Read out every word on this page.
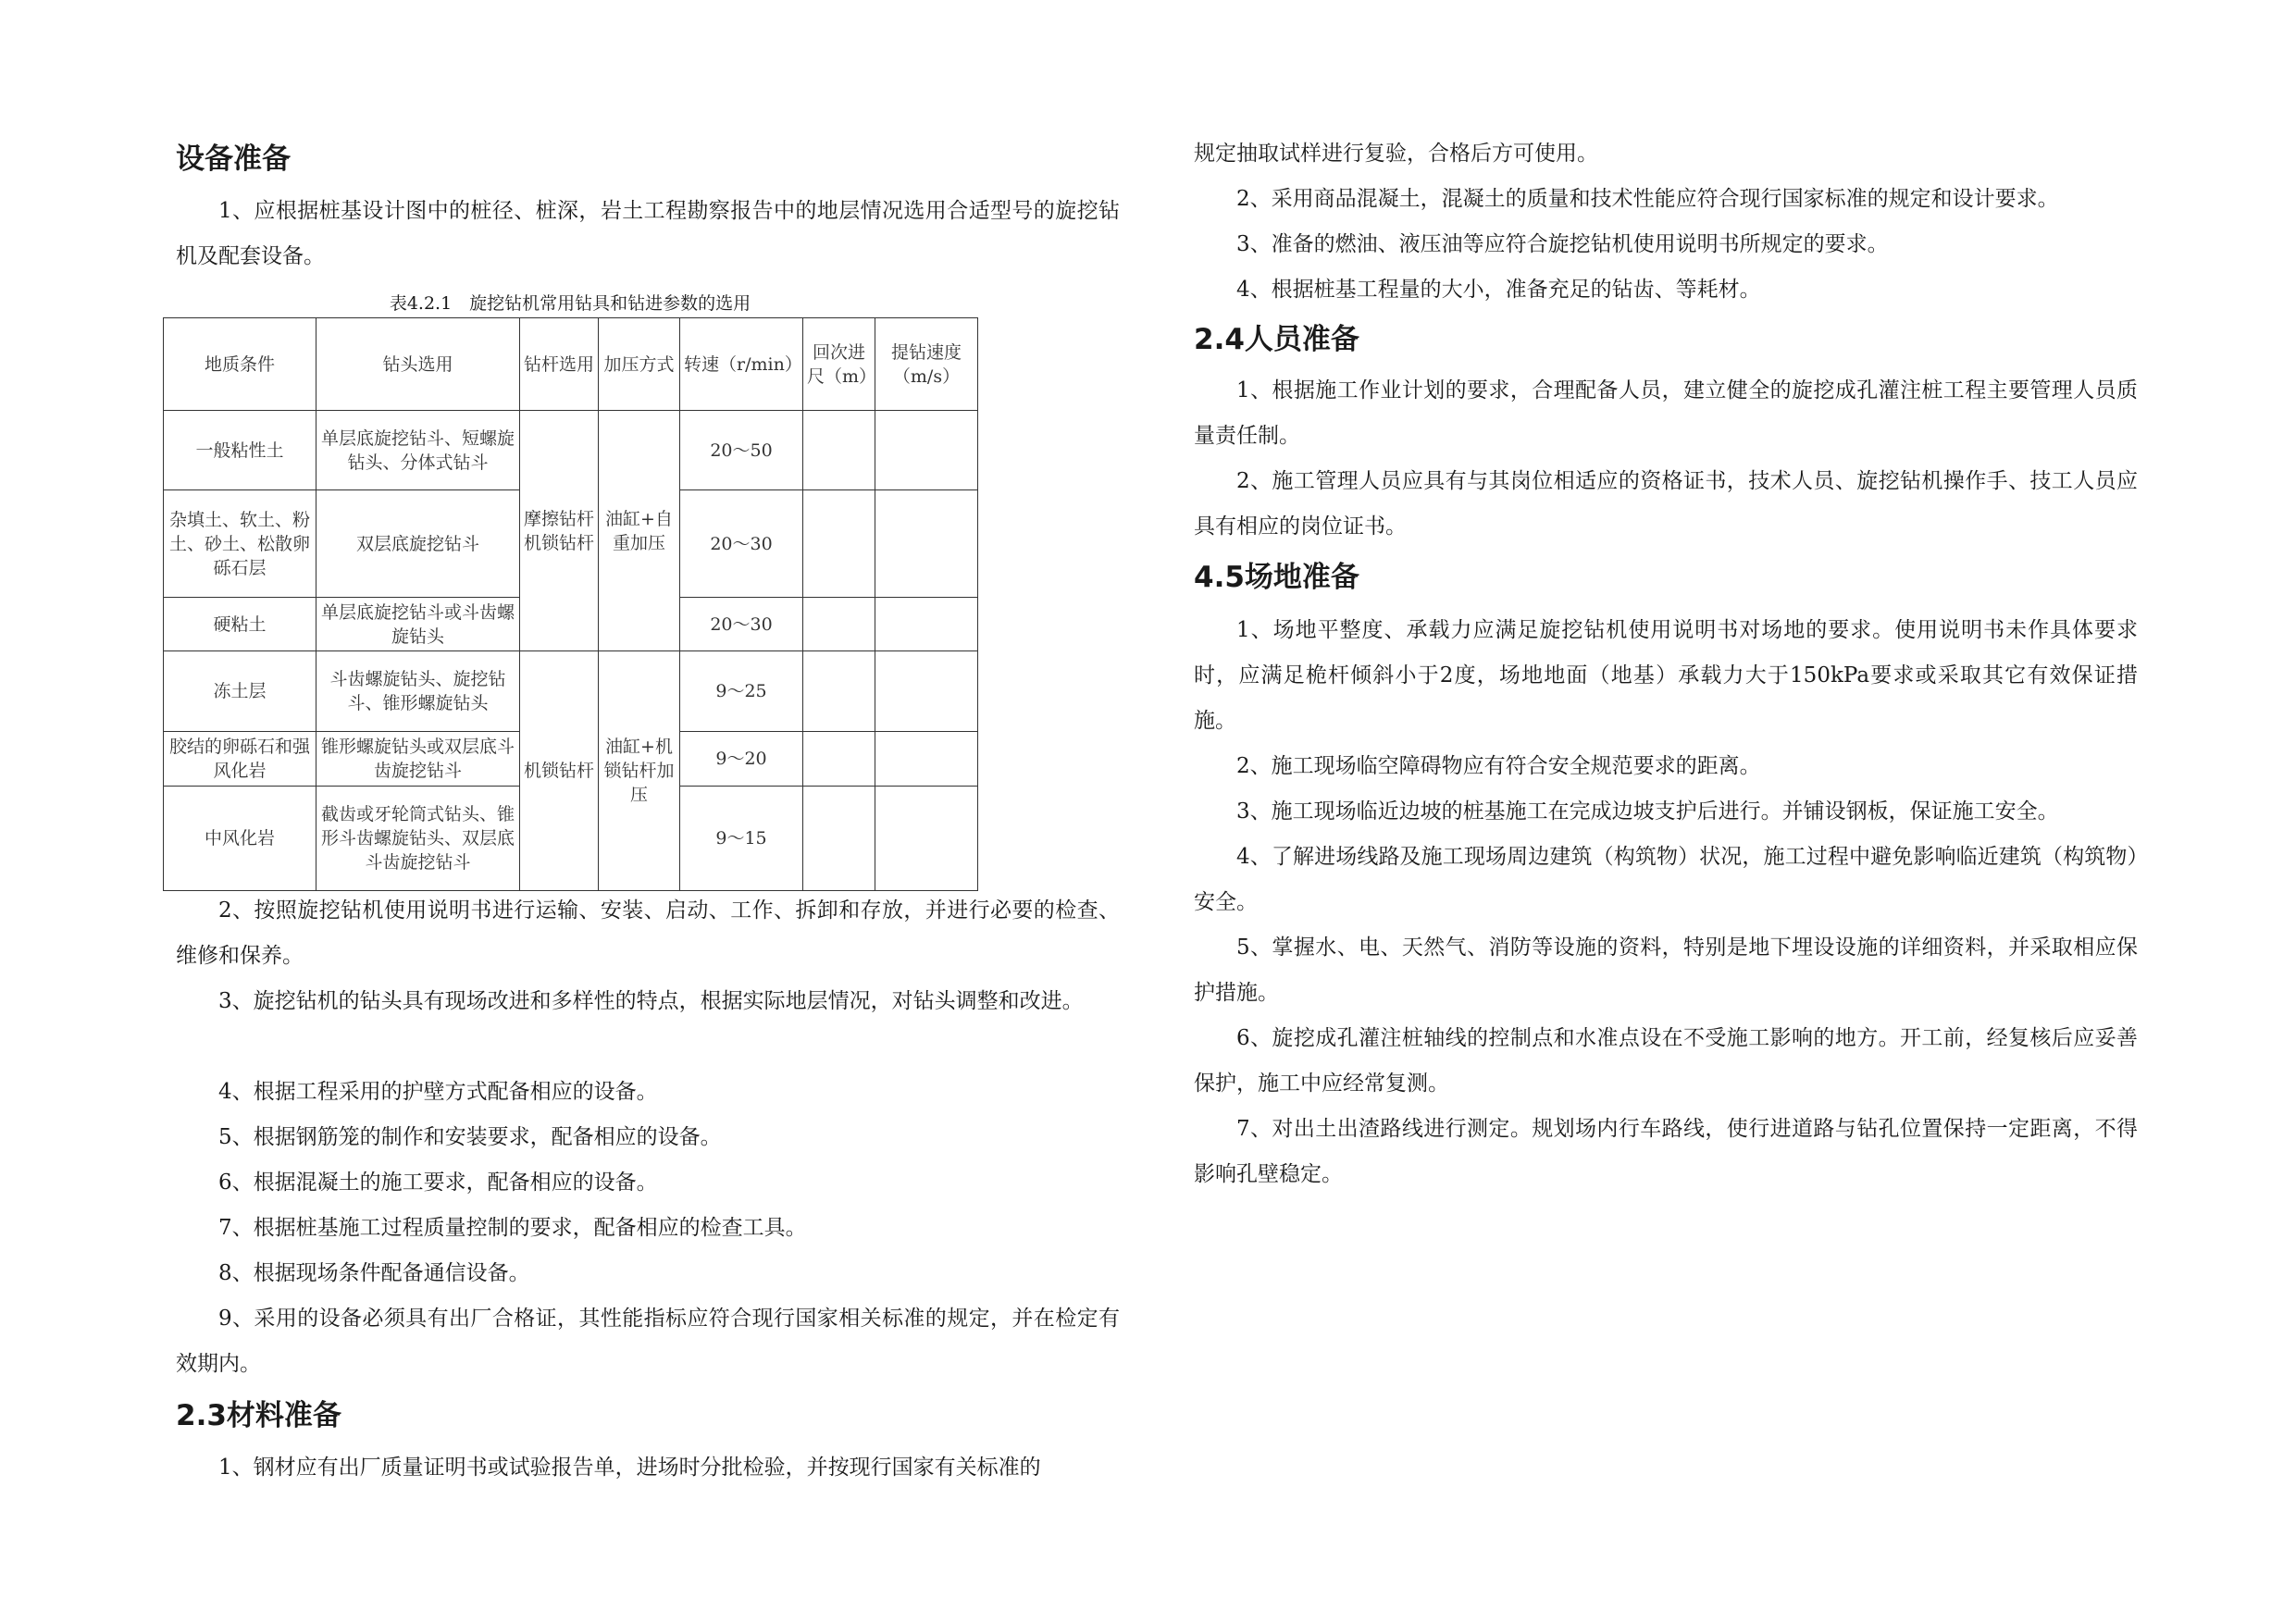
设备准备

1、应根据桩基设计图中的桩径、桩深，岩土工程勘察报告中的地层情况选用合适型号的旋挖钻机及配套设备。

表4.2.1　旋挖钻机常用钻具和钻进参数的选用
地质条件	钻头选用	钻杆选用	加压方式	转速（r/min）	回次进尺（m）	提钻速度（m/s）
一般粘性土	单层底旋挖钻斗、短螺旋钻头、分体式钻斗	摩擦钻杆机锁钻杆	油缸+自重加压	20～50		
杂填土、软土、粉土、砂土、松散卵砾石层	双层底旋挖钻斗			20～30		
硬粘土	单层底旋挖钻斗或斗齿螺旋钻头			20～30		
冻土层	斗齿螺旋钻头、旋挖钻斗、锥形螺旋钻头	机锁钻杆	油缸+机锁钻杆加压	9～25		
胶结的卵砾石和强风化岩	锥形螺旋钻头或双层底斗齿旋挖钻斗			9～20		
中风化岩	截齿或牙轮筒式钻头、锥形斗齿螺旋钻头、双层底斗齿旋挖钻斗			9～15		

2、按照旋挖钻机使用说明书进行运输、安装、启动、工作、拆卸和存放，并进行必要的检查、维修和保养。

3、旋挖钻机的钻头具有现场改进和多样性的特点，根据实际地层情况，对钻头调整和改进。

4、根据工程采用的护壁方式配备相应的设备。

5、根据钢筋笼的制作和安装要求，配备相应的设备。

6、根据混凝土的施工要求，配备相应的设备。

7、根据桩基施工过程质量控制的要求，配备相应的检查工具。

8、根据现场条件配备通信设备。

9、采用的设备必须具有出厂合格证，其性能指标应符合现行国家相关标准的规定，并在检定有效期内。

2.3材料准备

1、钢材应有出厂质量证明书或试验报告单，进场时分批检验，并按现行国家有关标准的

规定抽取试样进行复验，合格后方可使用。

2、采用商品混凝土，混凝土的质量和技术性能应符合现行国家标准的规定和设计要求。

3、准备的燃油、液压油等应符合旋挖钻机使用说明书所规定的要求。

4、根据桩基工程量的大小，准备充足的钻齿、等耗材。

2.4人员准备

1、根据施工作业计划的要求，合理配备人员，建立健全的旋挖成孔灌注桩工程主要管理人员质量责任制。

2、施工管理人员应具有与其岗位相适应的资格证书，技术人员、旋挖钻机操作手、技工人员应具有相应的岗位证书。

4.5场地准备

1、场地平整度、承载力应满足旋挖钻机使用说明书对场地的要求。使用说明书未作具体要求时，应满足桅杆倾斜小于2度，场地地面（地基）承载力大于150kPa要求或采取其它有效保证措施。

2、施工现场临空障碍物应有符合安全规范要求的距离。

3、施工现场临近边坡的桩基施工在完成边坡支护后进行。并铺设钢板，保证施工安全。

4、了解进场线路及施工现场周边建筑（构筑物）状况，施工过程中避免影响临近建筑（构筑物）安全。

5、掌握水、电、天然气、消防等设施的资料，特别是地下埋设设施的详细资料，并采取相应保护措施。

6、旋挖成孔灌注桩轴线的控制点和水准点设在不受施工影响的地方。开工前，经复核后应妥善保护，施工中应经常复测。

7、对出土出渣路线进行测定。规划场内行车路线，使行进道路与钻孔位置保持一定距离，不得影响孔壁稳定。
